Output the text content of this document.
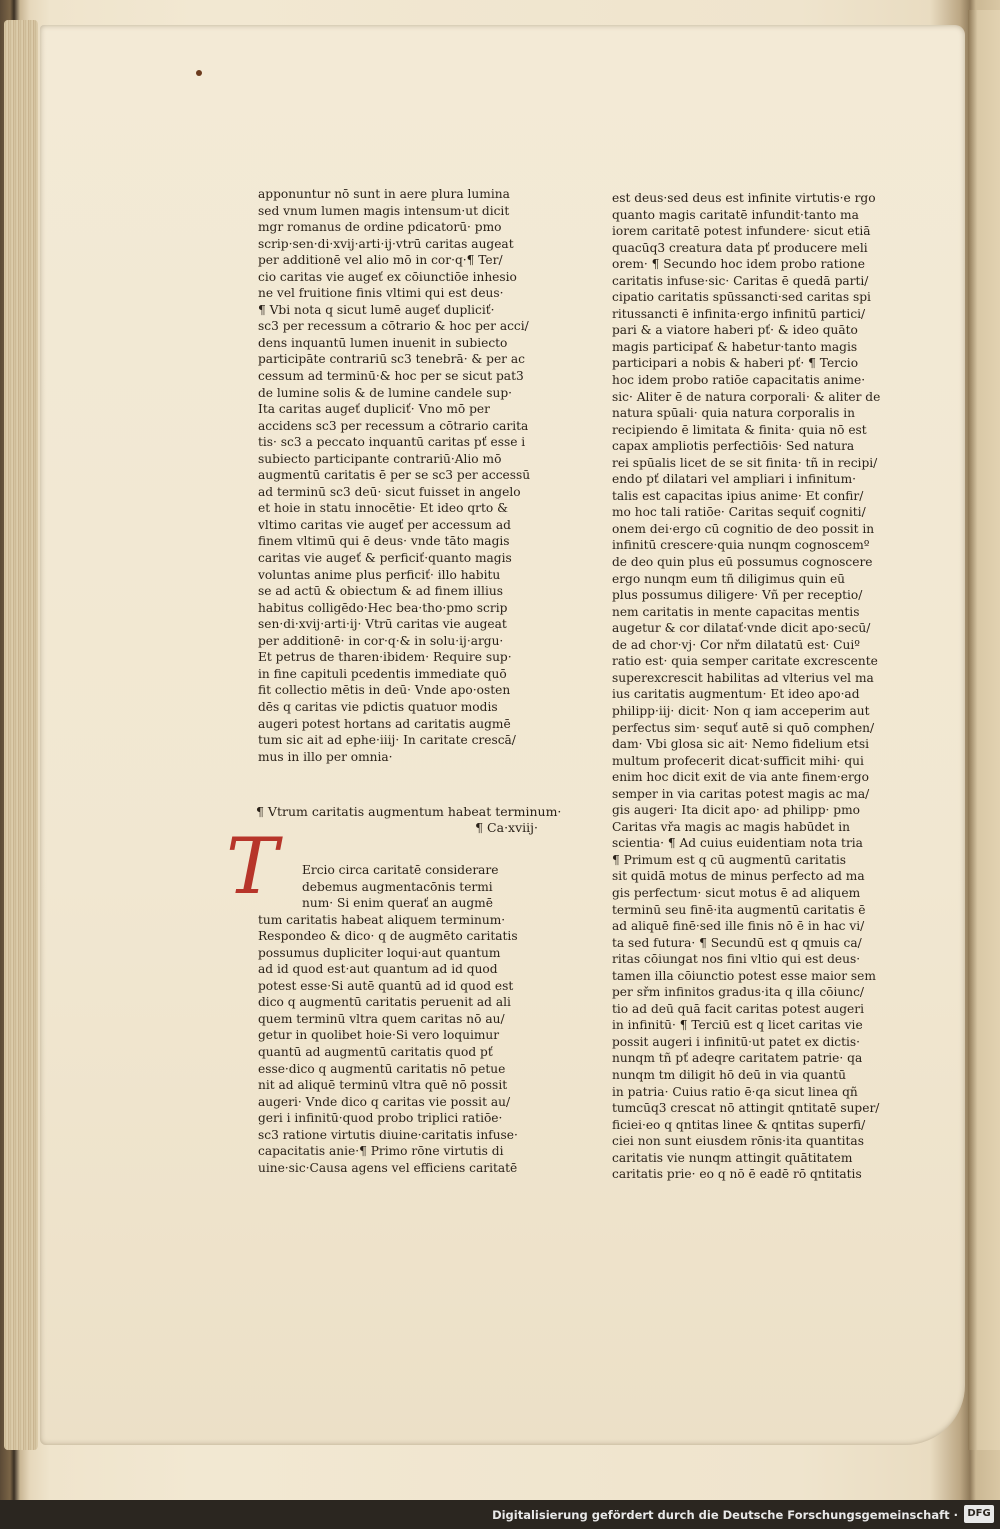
apponuntur nō sunt in aere plura lumina
sed vnum lumen magis intensum·ut dicit
mgr romanus de ordine pdicatorū· pmo
scrip·sen·di·xvij·arti·ij·vtrū caritas augeat
per additionē vel alio mō in cor·q·¶ Ter/
cio caritas vie augeť ex cōiunctiōe inhesio
ne vel fruitione finis vltimi qui est deus·
¶ Vbi nota q sicut lumē augeť dupliciť·
sc3 per recessum a cōtrario & hoc per acci/
dens inquantū lumen inuenit in subiecto
participāte contrariū sc3 tenebrā· & per ac
cessum ad terminū·& hoc per se sicut pat3
de lumine solis & de lumine candele sup·
Ita caritas augeť dupliciť· Vno mō per
accidens sc3 per recessum a cōtrario carita
tis· sc3 a peccato inquantū caritas pť esse i
subiecto participante contrariū·Alio mō
augmentū caritatis ē per se sc3 per accessū
ad terminū sc3 deū· sicut fuisset in angelo
et hoie in statu innocētie· Et ideo qrto &
vltimo caritas vie augeť per accessum ad
finem vltimū qui ē deus· vnde tāto magis
caritas vie augeť & perficiť·quanto magis
voluntas anime plus perficiť· illo habitu
se ad actū & obiectum & ad finem illius
habitus colligēdo·Hec bea·tho·pmo scrip
sen·di·xvij·arti·ij· Vtrū caritas vie augeat
per additionē· in cor·q·& in solu·ij·argu·
Et petrus de tharen·ibidem· Require sup·
in fine capituli pcedentis immediate quō
fit collectio mētis in deū· Vnde apo·osten
dēs q caritas vie pdictis quatuor modis
augeri potest hortans ad caritatis augmē
tum sic ait ad ephe·iiij· In caritate crescā/
mus in illo per omnia·
¶ Vtrum caritatis augmentum habeat terminum·
¶ Ca·xviij·
T	Ercio circa caritatē considerare
debemus augmentacōnis termi
num· Si enim querať an augmē
tum caritatis habeat aliquem terminum·
Respondeo & dico· q de augmēto caritatis
possumus dupliciter loqui·aut quantum
ad id quod est·aut quantum ad id quod
potest esse·Si autē quantū ad id quod est
dico q augmentū caritatis peruenit ad ali
quem terminū vltra quem caritas nō au/
getur in quolibet hoie·Si vero loquimur
quantū ad augmentū caritatis quod pť
esse·dico q augmentū caritatis nō petue
nit ad aliquē terminū vltra quē nō possit
augeri· Vnde dico q caritas vie possit au/
geri i infinitū·quod probo triplici ratiōe·
sc3 ratione virtutis diuine·caritatis infuse·
capacitatis anie·¶ Primo rōne virtutis di
uine·sic·Causa agens vel efficiens caritatē
est deus·sed deus est infinite virtutis·e rgo
quanto magis caritatē infundit·tanto ma
iorem caritatē potest infundere· sicut etiā
quacūq3 creatura data pť producere meli
orem· ¶ Secundo hoc idem probo ratione
caritatis infuse·sic· Caritas ē quedā parti/
cipatio caritatis spūssancti·sed caritas spi
ritussancti ē infinita·ergo infinitū partici/
pari & a viatore haberi pť· & ideo quāto
magis participať & habetur·tanto magis
participari a nobis & haberi pť· ¶ Tercio
hoc idem probo ratiōe capacitatis anime·
sic· Aliter ē de natura corporali· & aliter de
natura spūali· quia natura corporalis in
recipiendo ē limitata & finita· quia nō est
capax ampliotis perfectiōis· Sed natura
rei spūalis licet de se sit finita· tñ in recipi/
endo pť dilatari vel ampliari i infinitum·
talis est capacitas ipius anime· Et confir/
mo hoc tali ratiōe· Caritas sequiť cogniti/
onem dei·ergo cū cognitio de deo possit in
infinitū crescere·quia nunqm cognoscemº
de deo quin plus eū possumus cognoscere
ergo nunqm eum tñ diligimus quin eū
plus possumus diligere· Vñ per receptio/
nem caritatis in mente capacitas mentis
augetur & cor dilatať·vnde dicit apo·secū/
de ad chor·vj· Cor nřm dilatatū est· Cuiº
ratio est· quia semper caritate excrescente
superexcrescit habilitas ad vlterius vel ma
ius caritatis augmentum· Et ideo apo·ad
philipp·iij· dicit· Non q iam acceperim aut
perfectus sim· sequť autē si quō comphen/
dam· Vbi glosa sic ait· Nemo fidelium etsi
multum profecerit dicat·sufficit mihi· qui
enim hoc dicit exit de via ante finem·ergo
semper in via caritas potest magis ac ma/
gis augeri· Ita dicit apo· ad philipp· pmo
Caritas vřa magis ac magis habūdet in
scientia· ¶ Ad cuius euidentiam nota tria
¶ Primum est q cū augmentū caritatis
sit quidā motus de minus perfecto ad ma
gis perfectum· sicut motus ē ad aliquem
terminū seu finē·ita augmentū caritatis ē
ad aliquē finē·sed ille finis nō ē in hac vi/
ta sed futura· ¶ Secundū est q qmuis ca/
ritas cōiungat nos fini vltio qui est deus·
tamen illa cōiunctio potest esse maior sem
per sřm infinitos gradus·ita q illa cōiunc/
tio ad deū quā facit caritas potest augeri
in infinitū· ¶ Terciū est q licet caritas vie
possit augeri i infinitū·ut patet ex dictis·
nunqm tñ pť adeqre caritatem patrie· qa
nunqm tm diligit hō deū in via quantū
in patria· Cuius ratio ē·qa sicut linea qñ
tumcūq3 crescat nō attingit qntitatē super/
ficiei·eo q qntitas linee & qntitas superfi/
ciei non sunt eiusdem rōnis·ita quantitas
caritatis vie nunqm attingit quātitatem
caritatis prie· eo q nō ē eadē rō qntitatis
Digitalisierung gefördert durch die Deutsche Forschungsgemeinschaft · DFG
